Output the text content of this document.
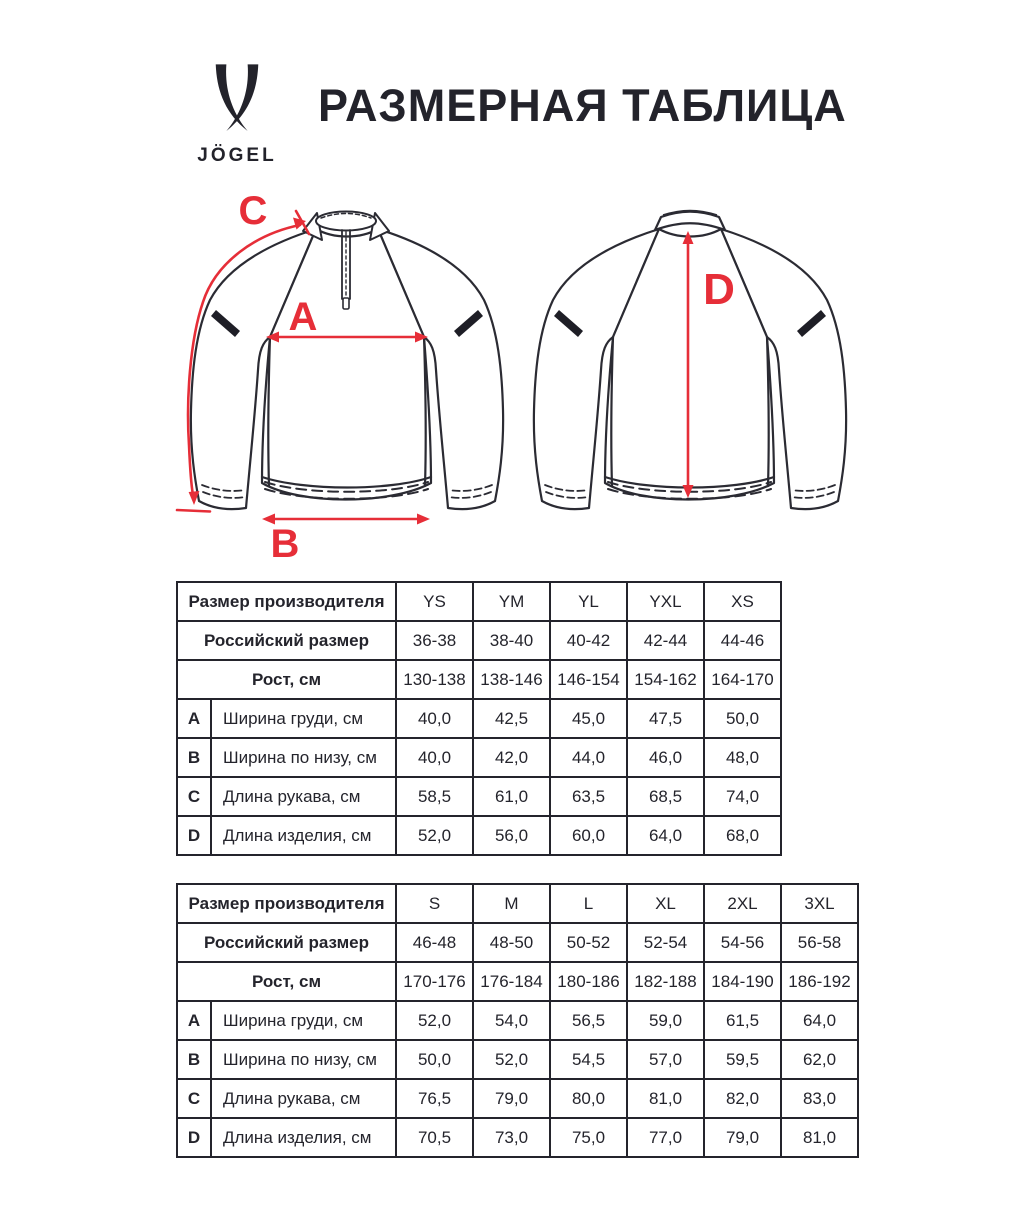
JÖGEL
РАЗМЕРНАЯ ТАБЛИЦА
A
B
C
D
Размер производителя	YS	YM	YL	YXL	XS
Российский размер	36-38	38-40	40-42	42-44	44-46
Рост, см	130-138 138-146 146-154 154-162 164-170
A	Ширина груди, см	40,0	42,5	45,0	47,5	50,0
B	Ширина по низу, см	40,0	42,0	44,0	46,0	48,0
C	Длина рукава, см	58,5	61,0	63,5	68,5	74,0
D	Длина изделия, см	52,0	56,0	60,0	64,0	68,0
Размер производителя	S	M	L	XL	2XL	3XL
Российский размер	46-48	48-50	50-52	52-54	54-56	56-58
Рост, см	170-176 176-184 180-186 182-188 184-190 186-192
A	Ширина груди, см	52,0	54,0	56,5	59,0	61,5	64,0
B	Ширина по низу, см	50,0	52,0	54,5	57,0	59,5	62,0
C	Длина рукава, см	76,5	79,0	80,0	81,0	82,0	83,0
D	Длина изделия, см	70,5	73,0	75,0	77,0	79,0	81,0
